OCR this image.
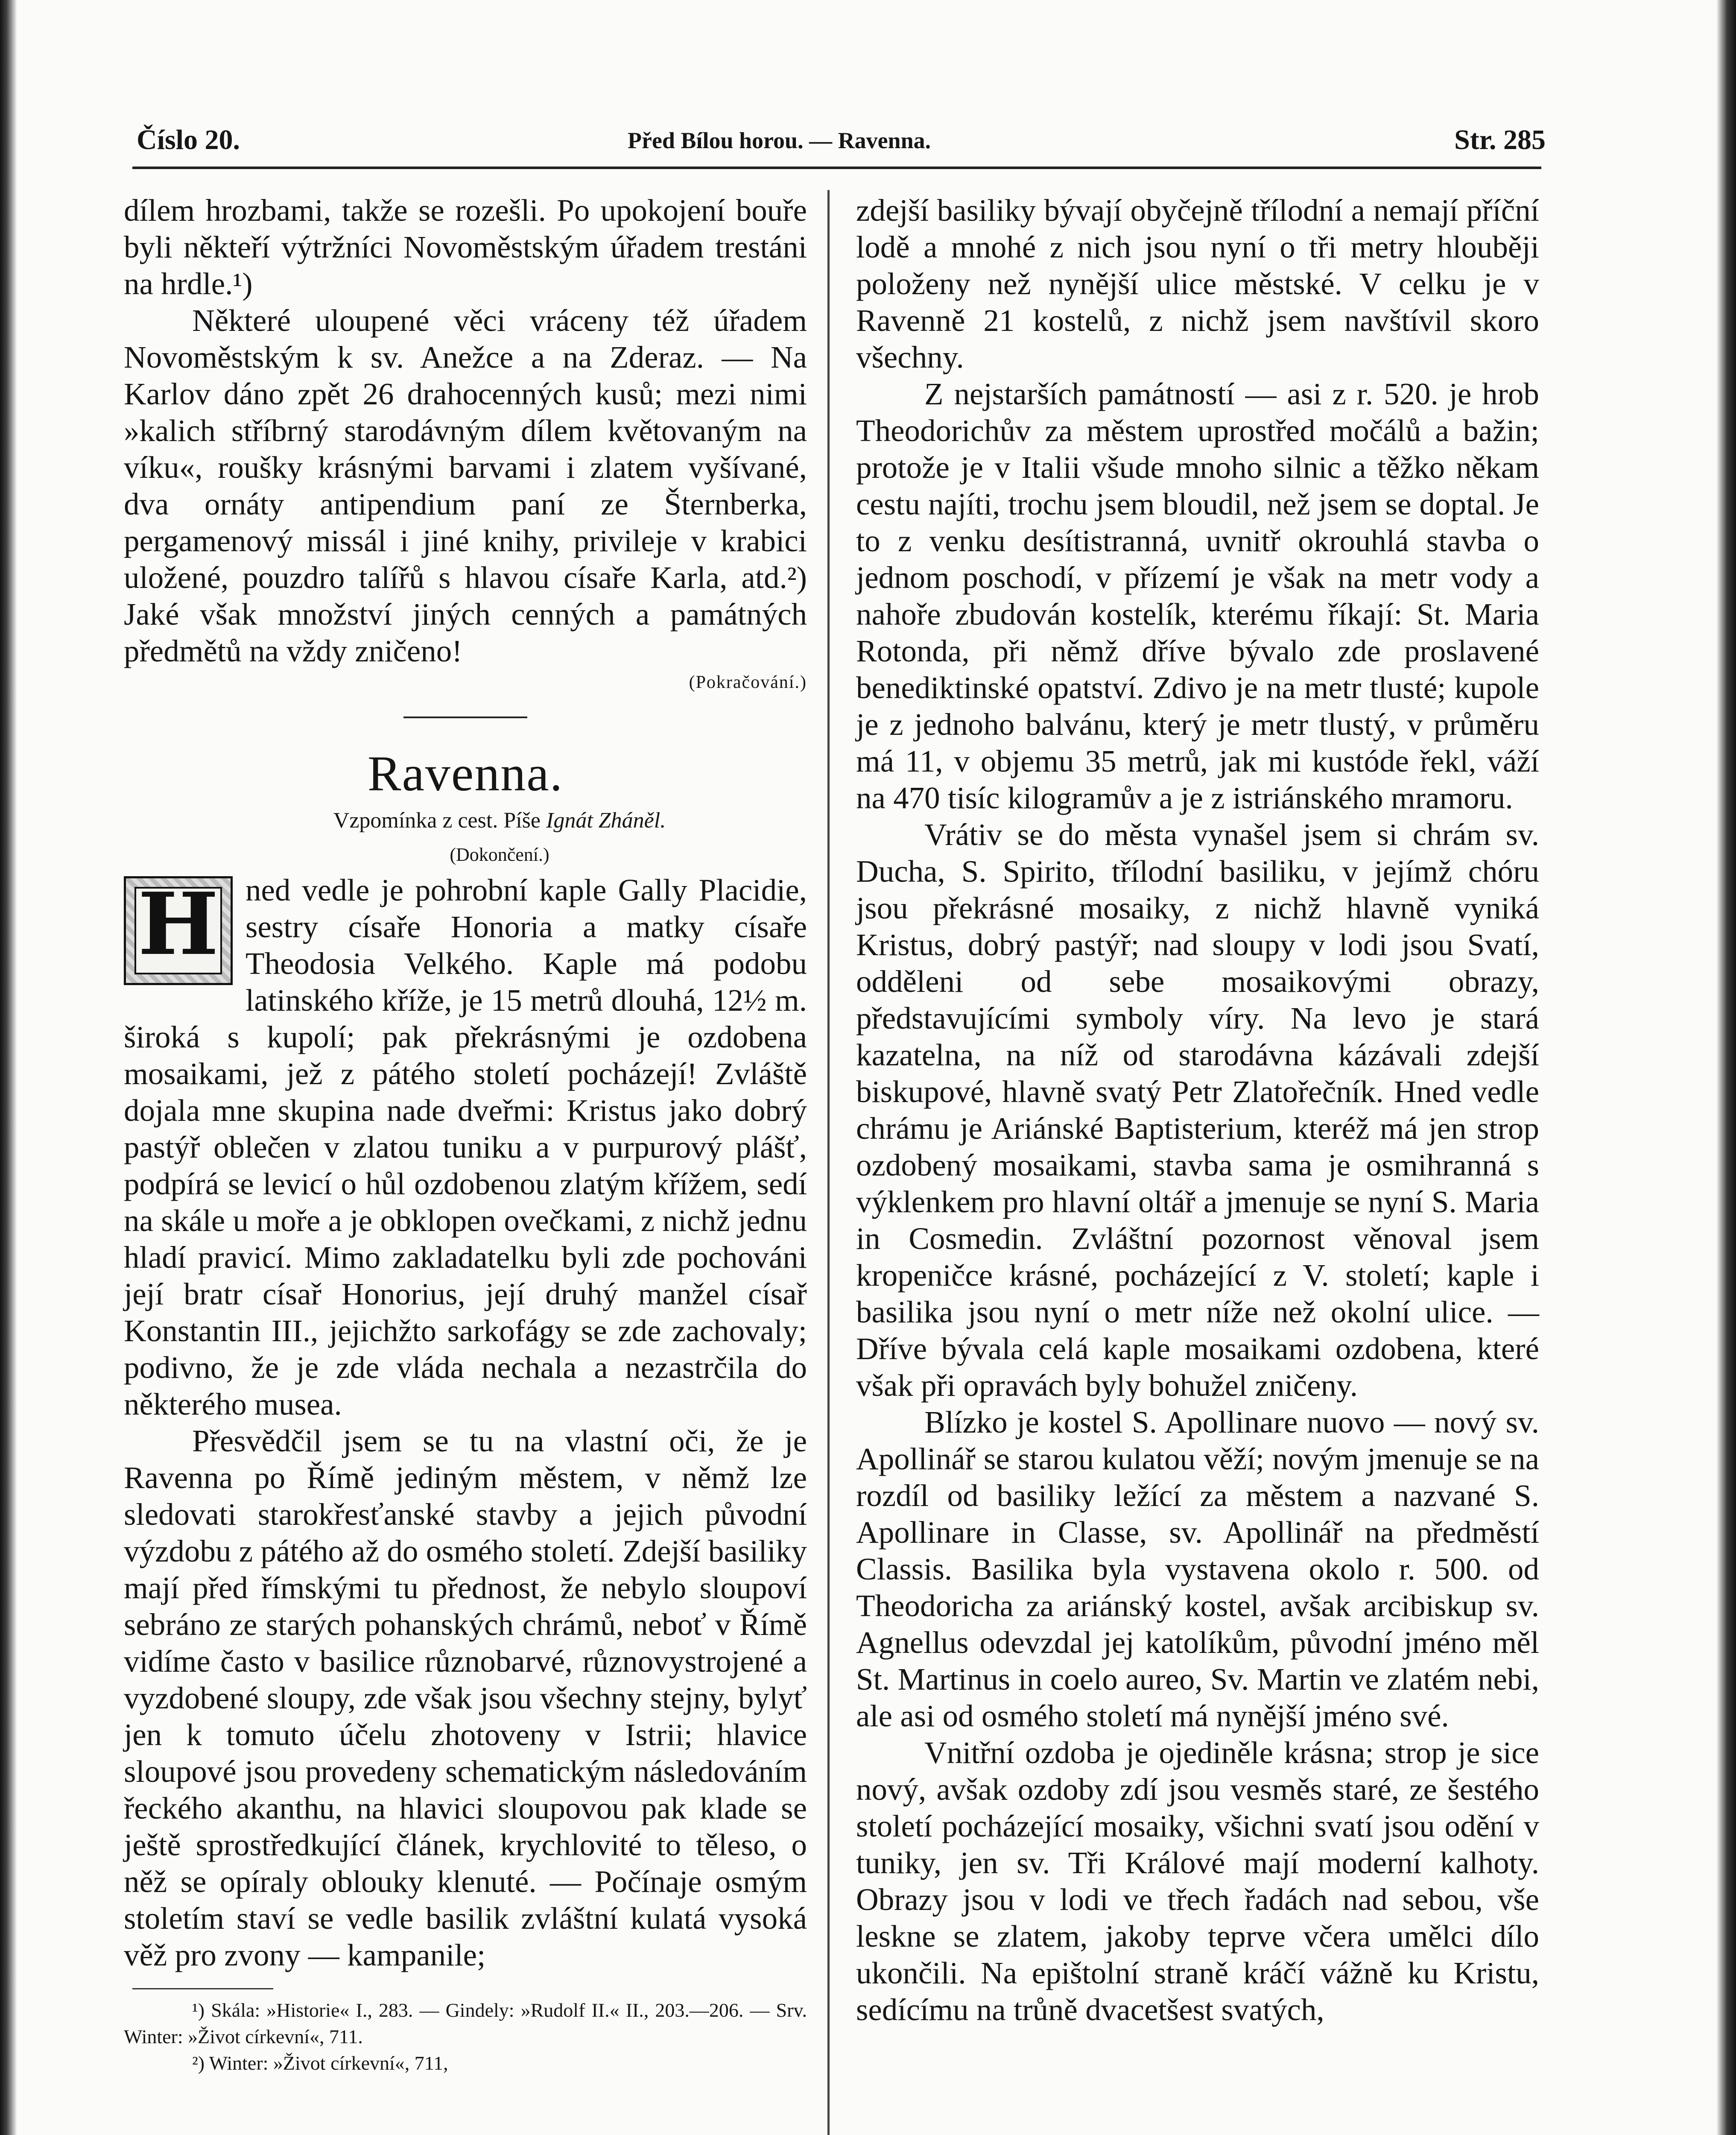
Číslo 20.	Před Bílou horou. — Ravenna.	Str. 285

dílem hrozbami, takže se rozešli. Po upokojení bouře byli někteří výtržníci Novoměstským úřadem trestáni na hrdle.¹)

Některé uloupené věci vráceny též úřadem Novoměstským k sv. Anežce a na Zderaz. — Na Karlov dáno zpět 26 drahocenných kusů; mezi nimi »kalich stříbrný starodávným dílem květovaným na víku«, roušky krásnými barvami i zlatem vyšívané, dva ornáty antipendium paní ze Šternberka, pergamenový missál i jiné knihy, privileje v krabici uložené, pouzdro talířů s hlavou císaře Karla, atd.²) Jaké však množství jiných cenných a památných předmětů na vždy zničeno!

(Pokračování.)

Ravenna.

Vzpomínka z cest. Píše Ignát Zháněl.

(Dokončení.)

H ned vedle je pohrobní kaple Gally Placidie, sestry císaře Honoria a matky císaře Theodosia Velkého. Kaple má podobu latinského kříže, je 15 metrů dlouhá, 12½ m. široká s kupolí; pak překrásnými je ozdobena mosaikami, jež z pátého století pocházejí! Zvláště dojala mne skupina nade dveřmi: Kristus jako dobrý pastýř oblečen v zlatou tuniku a v purpurový plášť, podpírá se levicí o hůl ozdobenou zlatým křížem, sedí na skále u moře a je obklopen ovečkami, z nichž jednu hladí pravicí. Mimo zakladatelku byli zde pochováni její bratr císař Honorius, její druhý manžel císař Konstantin III., jejichžto sarkofágy se zde zachovaly; podivno, že je zde vláda nechala a nezastrčila do některého musea.

Přesvědčil jsem se tu na vlastní oči, že je Ravenna po Římě jediným městem, v němž lze sledovati starokřesťanské stavby a jejich původní výzdobu z pátého až do osmého století. Zdejší basiliky mají před římskými tu přednost, že nebylo sloupoví sebráno ze starých pohanských chrámů, neboť v Římě vidíme často v basilice různobarvé, různovystrojené a vyzdobené sloupy, zde však jsou všechny stejny, bylyť jen k tomuto účelu zhotoveny v Istrii; hlavice sloupové jsou provedeny schematickým následováním řeckého akanthu, na hlavici sloupovou pak klade se ještě sprostředkující článek, krychlovité to těleso, o něž se opíraly oblouky klenuté. — Počínaje osmým stoletím staví se vedle basilik zvláštní kulatá vysoká věž pro zvony — kampanile;

¹) Skála: »Historie« I., 283. — Gindely: »Rudolf II.« II., 203.—206. — Srv. Winter: »Život církevní«, 711.

²) Winter: »Život církevní«, 711,

zdejší basiliky bývají obyčejně třílodní a nemají příční lodě a mnohé z nich jsou nyní o tři metry hlouběji položeny než nynější ulice městské. V celku je v Ravenně 21 kostelů, z nichž jsem navštívil skoro všechny.

Z nejstarších památností — asi z r. 520. je hrob Theodorichův za městem uprostřed močálů a bažin; protože je v Italii všude mnoho silnic a těžko někam cestu najíti, trochu jsem bloudil, než jsem se doptal. Je to z venku desítistranná, uvnitř okrouhlá stavba o jednom poschodí, v přízemí je však na metr vody a nahoře zbudován kostelík, kterému říkají: St. Maria Rotonda, při němž dříve bývalo zde proslavené benediktinské opatství. Zdivo je na metr tlusté; kupole je z jednoho balvánu, který je metr tlustý, v průměru má 11, v objemu 35 metrů, jak mi kustóde řekl, váží na 470 tisíc kilogramův a je z istriánského mramoru.

Vrátiv se do města vynašel jsem si chrám sv. Ducha, S. Spirito, třílodní basiliku, v jejímž chóru jsou překrásné mosaiky, z nichž hlavně vyniká Kristus, dobrý pastýř; nad sloupy v lodi jsou Svatí, odděleni od sebe mosaikovými obrazy, představujícími symboly víry. Na levo je stará kazatelna, na níž od starodávna kázávali zdejší biskupové, hlavně svatý Petr Zlatořečník. Hned vedle chrámu je Ariánské Baptisterium, kteréž má jen strop ozdobený mosaikami, stavba sama je osmihranná s výklenkem pro hlavní oltář a jmenuje se nyní S. Maria in Cosmedin. Zvláštní pozornost věnoval jsem kropeničce krásné, pocházející z V. století; kaple i basilika jsou nyní o metr níže než okolní ulice. — Dříve bývala celá kaple mosaikami ozdobena, které však při opravách byly bohužel zničeny.

Blízko je kostel S. Apollinare nuovo — nový sv. Apollinář se starou kulatou věží; novým jmenuje se na rozdíl od basiliky ležící za městem a nazvané S. Apollinare in Classe, sv. Apollinář na předměstí Classis. Basilika byla vystavena okolo r. 500. od Theodoricha za ariánský kostel, avšak arcibiskup sv. Agnellus odevzdal jej katolíkům, původní jméno měl St. Martinus in coelo aureo, Sv. Martin ve zlatém nebi, ale asi od osmého století má nynější jméno své.

Vnitřní ozdoba je ojediněle krásna; strop je sice nový, avšak ozdoby zdí jsou vesměs staré, ze šestého století pocházející mosaiky, všichni svatí jsou odění v tuniky, jen sv. Tři Králové mají moderní kalhoty. Obrazy jsou v lodi ve třech řadách nad sebou, vše leskne se zlatem, jakoby teprve včera umělci dílo ukončili. Na epištolní straně kráčí vážně ku Kristu, sedícímu na trůně dvacetšest svatých,
